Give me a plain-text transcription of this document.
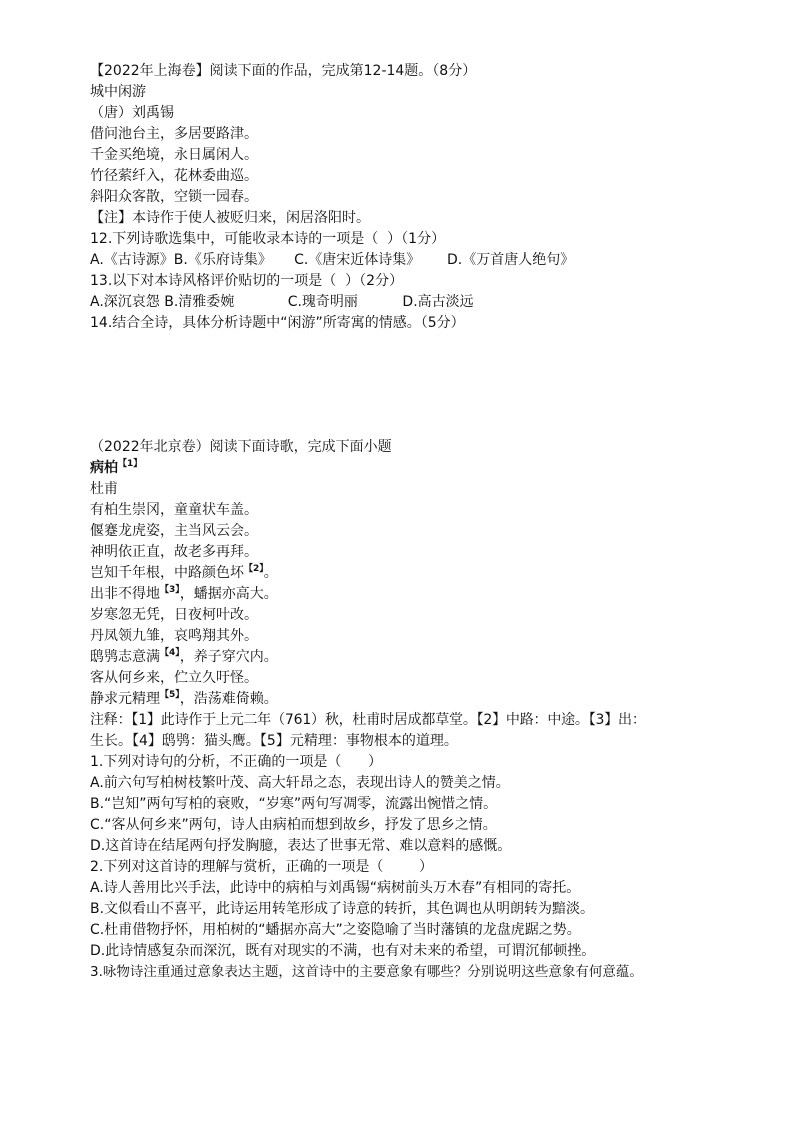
【2022年上海卷】阅读下面的作品，完成第12-14题。（8分）
城中闲游
（唐）刘禹锡
借问池台主，多居要路津。
千金买绝境，永日属闲人。
竹径萦纤入，花林委曲巡。
斜阳众客散，空锁一园春。
【注】本诗作于使人被贬归来，闲居洛阳时。
12.下列诗歌选集中，可能收录本诗的一项是（  ）（1分）
A.《古诗源》B.《乐府诗集》     C.《唐宋近体诗集》      D.《万首唐人绝句》
13.以下对本诗风格评价贴切的一项是（  ）（2分）
A.深沉哀怨 B.清雅委婉            C.瑰奇明丽          D.高古淡远
14.结合全诗，具体分析诗题中“闲游”所寄寓的情感。（5分）
（2022年北京卷）阅读下面诗歌，完成下面小题
病柏$^{【1】}$
杜甫
有柏生崇冈，童童状车盖。
偃蹇龙虎姿，主当风云会。
神明依正直，故老多再拜。
岂知千年根，中路颜色坏$^{【2】}$。
出非不得地$^{【3】}$，蟠据亦高大。
岁寒忽无凭，日夜柯叶改。
丹凤领九雏，哀鸣翔其外。
鸱鸮志意满$^{【4】}$，养子穿穴内。
客从何乡来，伫立久吁怪。
静求元精理$^{【5】}$，浩荡难倚赖。
注释：【1】此诗作于上元二年（761）秋，杜甫时居成都草堂。【2】中路：中途。【3】出：
生长。【4】鸱鸮：猫头鹰。【5】元精理：事物根本的道理。
1.下列对诗句的分析，不正确的一项是（      ）
A.前六句写柏树枝繁叶茂、高大轩昂之态，表现出诗人的赞美之情。
B.“岂知”两句写柏的衰败，“岁寒”两句写凋零，流露出惋惜之情。
C.“客从何乡来”两句，诗人由病柏而想到故乡，抒发了思乡之情。
D.这首诗在结尾两句抒发胸臆，表达了世事无常、难以意料的感慨。
2.下列对这首诗的理解与赏析，正确的一项是（        ）
A.诗人善用比兴手法，此诗中的病柏与刘禹锡“病树前头万木春”有相同的寄托。
B.文似看山不喜平，此诗运用转笔形成了诗意的转折，其色调也从明朗转为黯淡。
C.杜甫借物抒怀，用柏树的“蟠据亦高大”之姿隐喻了当时藩镇的龙盘虎踞之势。
D.此诗情感复杂而深沉，既有对现实的不满，也有对未来的希望，可谓沉郁顿挫。
3.咏物诗注重通过意象表达主题，这首诗中的主要意象有哪些？分别说明这些意象有何意蕴。
